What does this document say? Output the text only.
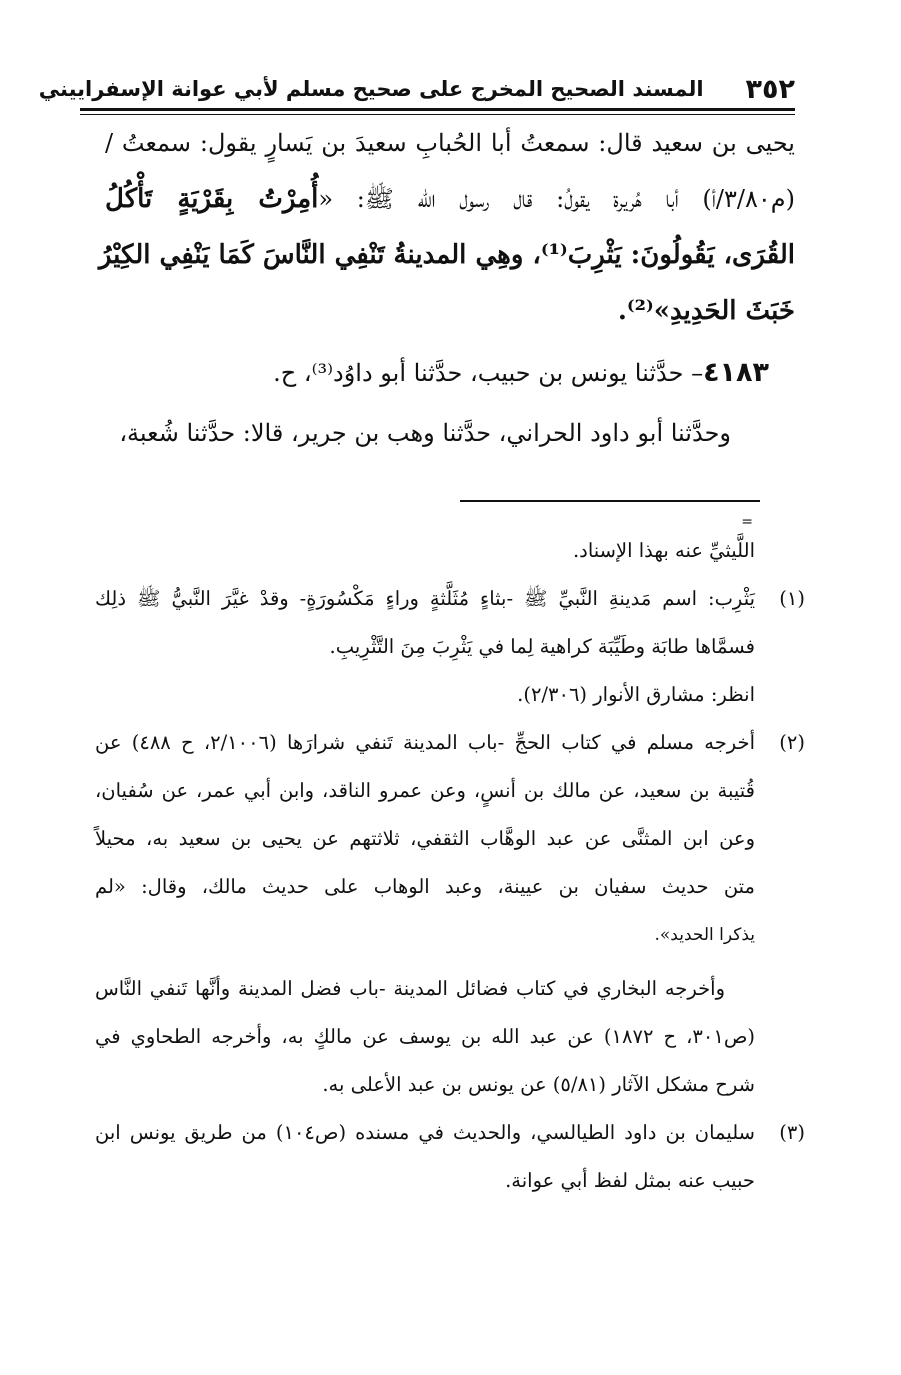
٣٥٢
المسند الصحيح المخرج على صحيح مسلم لأبي عوانة الإسفراييني
يحيى بن سعيد قال: سمعتُ أبا الحُبابِ سعيدَ بن يَسارٍ يقول: سمعتُ /
(م٣/٨٠/أ) أبا هُريرة يقولُ: قال رسول الله ﷺ: «أُمِرْتُ بِقَرْيَةٍ تَأْكُلُ
القُرَى، يَقُولُونَ: يَثْرِبَ⁽¹⁾، وهِي المدينةُ تَنْفِي النَّاسَ كَمَا يَنْفِي الكِيْرُ
خَبَثَ الحَدِيدِ»⁽²⁾.
٤١٨٣– حدَّثنا يونس بن حبيب، حدَّثنا أبو داوُد⁽³⁾، ح.
وحدَّثنا أبو داود الحراني، حدَّثنا وهب بن جرير، قالا: حدَّثنا شُعبة،
=
اللَّيثيِّ عنه بهذا الإسناد.
(١)
يَثْرِب: اسم مَدينةِ النَّبيِّ ﷺ -بثاءٍ مُثَلَّثةٍ وراءٍ مَكْسُورَةٍ- وقدْ غيَّرَ النَّبيُّ ﷺ ذلِك
فسمَّاها طابَة وطَيِّبَة كراهية لِما في يَثْرِبَ مِنَ التَّثْرِيبِ.
انظر: مشارق الأنوار (٢/٣٠٦).
(٢)
أخرجه مسلم في كتاب الحجِّ -باب المدينة تَنفي شرارَها (٢/١٠٠٦، ح ٤٨٨) عن
قُتيبة بن سعيد، عن مالك بن أنسٍ، وعن عمرو الناقد، وابن أبي عمر، عن سُفيان،
وعن ابن المثنَّى عن عبد الوهَّاب الثقفي، ثلاثتهم عن يحيى بن سعيد به، محيلاً
متن حديث سفيان بن عيينة، وعبد الوهاب على حديث مالك، وقال: «لم
يذكرا الحديد».
وأخرجه البخاري في كتاب فضائل المدينة -باب فضل المدينة وأنَّها تَنفي النَّاس
(ص٣٠١، ح ١٨٧٢) عن عبد الله بن يوسف عن مالكٍ به، وأخرجه الطحاوي في
شرح مشكل الآثار (٥/٨١) عن يونس بن عبد الأعلى به.
(٣)
سليمان بن داود الطيالسي، والحديث في مسنده (ص١٠٤) من طريق يونس ابن
حبيب عنه بمثل لفظ أبي عوانة.
